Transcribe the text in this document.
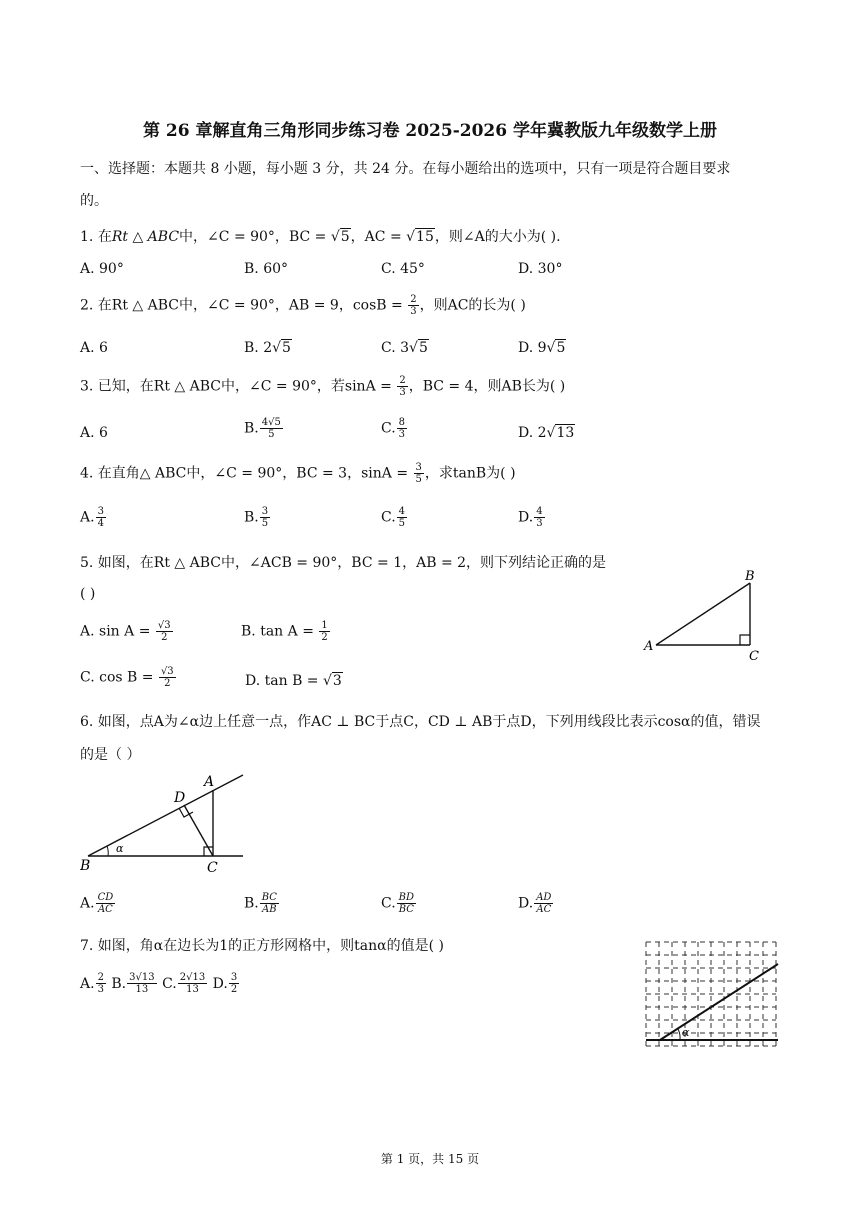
第 26 章解直角三角形同步练习卷 2025-2026 学年冀教版九年级数学上册
一、选择题：本题共 8 小题，每小题 3 分，共 24 分。在每小题给出的选项中，只有一项是符合题目要求
的。
1. 在Rt △ ABC中，∠C = 90°，BC = √5，AC = √15，则∠A的大小为( ).
A. 90°	B. 60°	C. 45°	D. 30°
2. 在Rt △ ABC中，∠C = 90°，AB = 9，$\cos B = \frac{2}{3}$ ，则AC的长为( )
A. 6	B. 2√5	C. 3√5	D. 9√5
3. 已知，在Rt △ ABC中，∠C = 90°，若$\sin A = \frac{2}{3}$ ，BC = 4，则AB长为( )
A. 6	B. $\frac{4√5}{5}$	C. $\frac{8}{3}$	D. 2√13
4. 在直角△ ABC中，∠C = 90°，BC = 3，$\sin A = \frac{3}{5}$ ，求tanB为( )
A. $\frac{3}{4}$	B. $\frac{3}{5}$	C. $\frac{4}{5}$	D. $\frac{4}{3}$
5. 如图，在Rt △ ABC中，∠ACB = 90°，BC = 1，AB = 2，则下列结论正确的是
( )
A. $\sin A = \frac{√3}{2}$	B. $\tan A = \frac{1}{2}$
C. $\cos B = \frac{√3}{2}$	D. tan B = √3
A
B
C
6. 如图，点A为∠α边上任意一点，作AC ⊥ BC于点C，CD ⊥ AB于点D，下列用线段比表示cosα的值，错误
的是（ ）
α
B	C
D
A
A. $\frac{CD}{AC}$	B. $\frac{BC}{AB}$	C. $\frac{BD}{BC}$	D. $\frac{AD}{AC}$
7. 如图，角α在边长为1的正方形网格中，则tanα的值是( )
A. $\frac{2}{3} B$. $\frac{3√13}{13} C$. $\frac{2√13}{13} D$. $\frac{3}{2}$
α
第 1 页，共 15 页
